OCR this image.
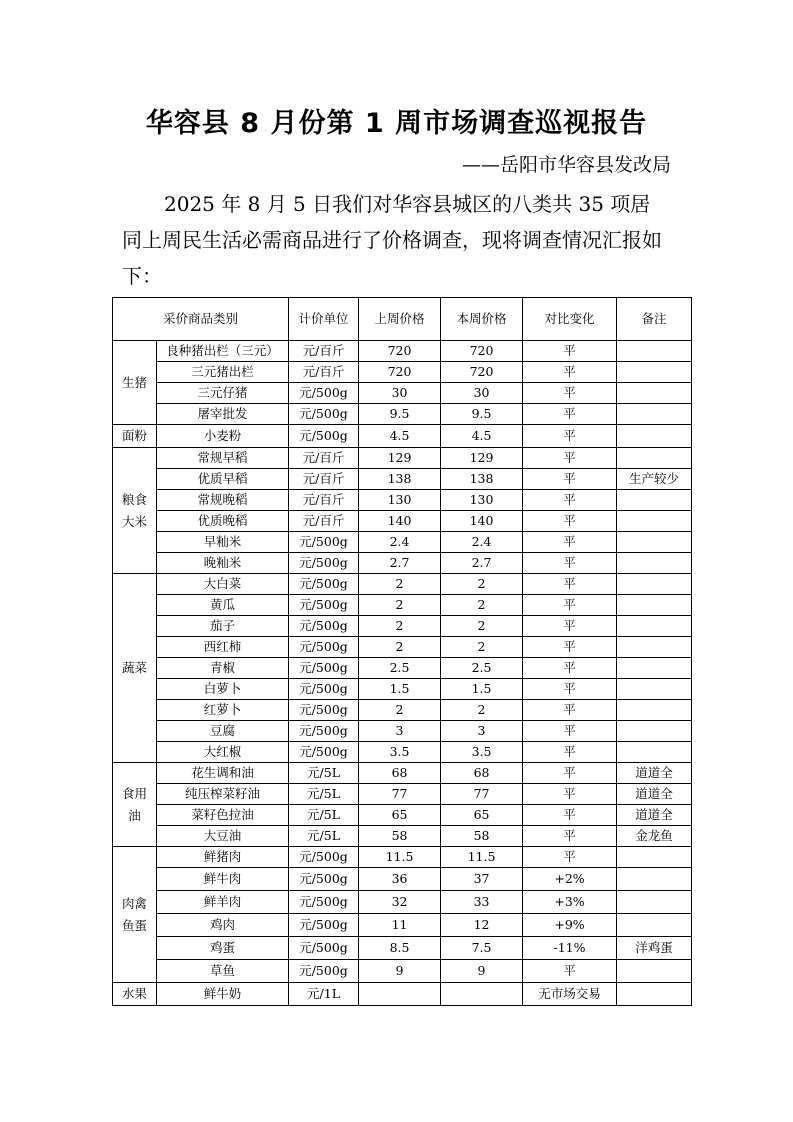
华容县 8 月份第 1 周市场调查巡视报告
——岳阳市华容县发改局
2025 年 8 月 5 日我们对华容县城区的八类共 35 项居同上周民生活必需商品进行了价格调查，现将调查情况汇报如下：
采价商品类别		计价单位	上周价格	本周价格	对比变化	备注
生猪	良种猪出栏（三元）	元/百斤	720	720	平	
	三元猪出栏	元/百斤	720	720	平	
	三元仔猪	元/500g	30	30	平	
	屠宰批发	元/500g	9.5	9.5	平	
面粉	小麦粉	元/500g	4.5	4.5	平	
粮食大米	常规早稻	元/百斤	129	129	平	
	优质早稻	元/百斤	138	138	平	生产较少
	常规晚稻	元/百斤	130	130	平	
	优质晚稻	元/百斤	140	140	平	
	早籼米	元/500g	2.4	2.4	平	
	晚籼米	元/500g	2.7	2.7	平	
蔬菜	大白菜	元/500g	2	2	平	
	黄瓜	元/500g	2	2	平	
	茄子	元/500g	2	2	平	
	西红柿	元/500g	2	2	平	
	青椒	元/500g	2.5	2.5	平	
	白萝卜	元/500g	1.5	1.5	平	
	红萝卜	元/500g	2	2	平	
	豆腐	元/500g	3	3	平	
	大红椒	元/500g	3.5	3.5	平	
食用油	花生调和油	元/5L	68	68	平	道道全
	纯压榨菜籽油	元/5L	77	77	平	道道全
	菜籽色拉油	元/5L	65	65	平	道道全
	大豆油	元/5L	58	58	平	金龙鱼
肉禽鱼蛋	鲜猪肉	元/500g	11.5	11.5	平	
	鲜牛肉	元/500g	36	37	+2%	
	鲜羊肉	元/500g	32	33	+3%	
	鸡肉	元/500g	11	12	+9%	
	鸡蛋	元/500g	8.5	7.5	-11%	洋鸡蛋
	草鱼	元/500g	9	9	平	
水果	鲜牛奶	元/1L			无市场交易	
